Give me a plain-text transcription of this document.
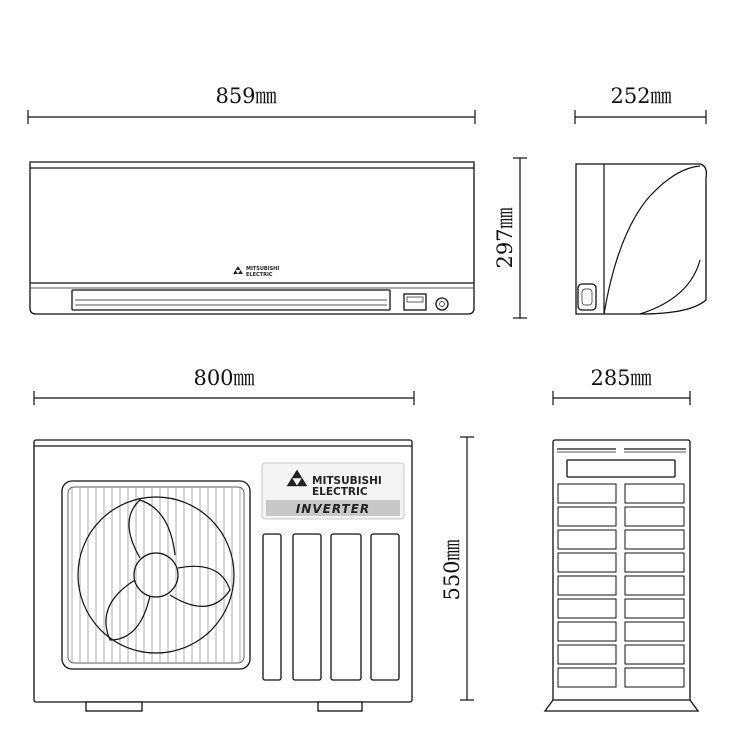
859㎜
MITSUBISHI
ELECTRIC
297㎜
252㎜
800㎜
MITSUBISHI
ELECTRIC
INVERTER
550㎜
285㎜
